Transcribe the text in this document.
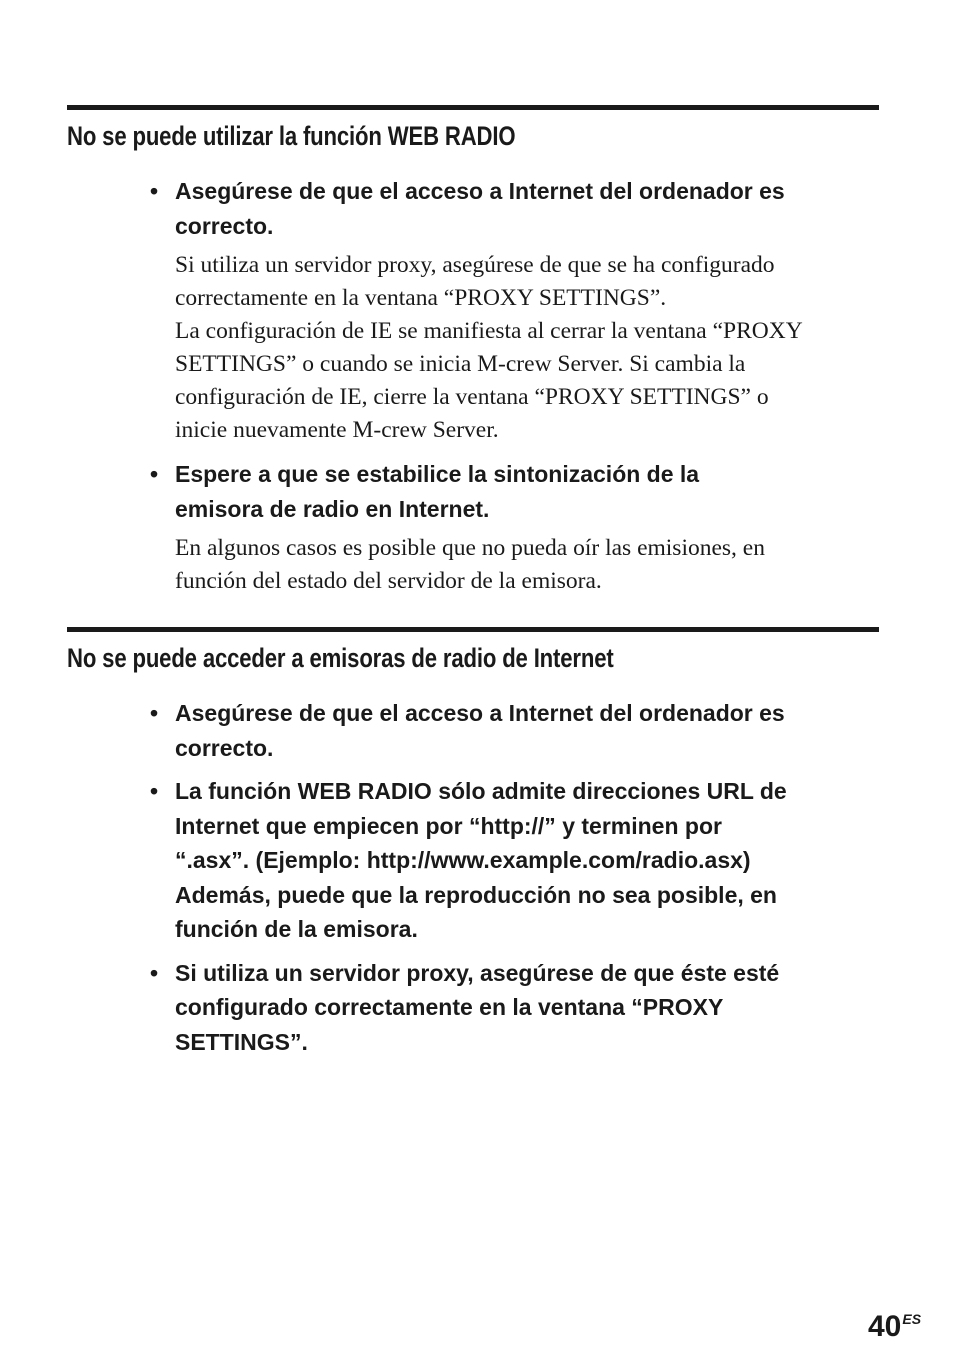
No se puede utilizar la función WEB RADIO
• Asegúrese de que el acceso a Internet del ordenador es
correcto.

Si utiliza un servidor proxy, asegúrese de que se ha configurado
correctamente en la ventana “PROXY SETTINGS”.
La configuración de IE se manifiesta al cerrar la ventana “PROXY
SETTINGS” o cuando se inicia M-crew Server. Si cambia la
configuración de IE, cierre la ventana “PROXY SETTINGS” o
inicie nuevamente M-crew Server.

• Espere a que se estabilice la sintonización de la
emisora de radio en Internet.

En algunos casos es posible que no pueda oír las emisiones, en
función del estado del servidor de la emisora.

No se puede acceder a emisoras de radio de Internet
• Asegúrese de que el acceso a Internet del ordenador es
correcto.

• La función WEB RADIO sólo admite direcciones URL de
Internet que empiecen por “http://” y terminen por
“.asx”. (Ejemplo: http://www.example.com/radio.asx)
Además, puede que la reproducción no sea posible, en
función de la emisora.

• Si utiliza un servidor proxy, asegúrese de que éste esté
configurado correctamente en la ventana “PROXY
SETTINGS”.

$40^{ES}$
